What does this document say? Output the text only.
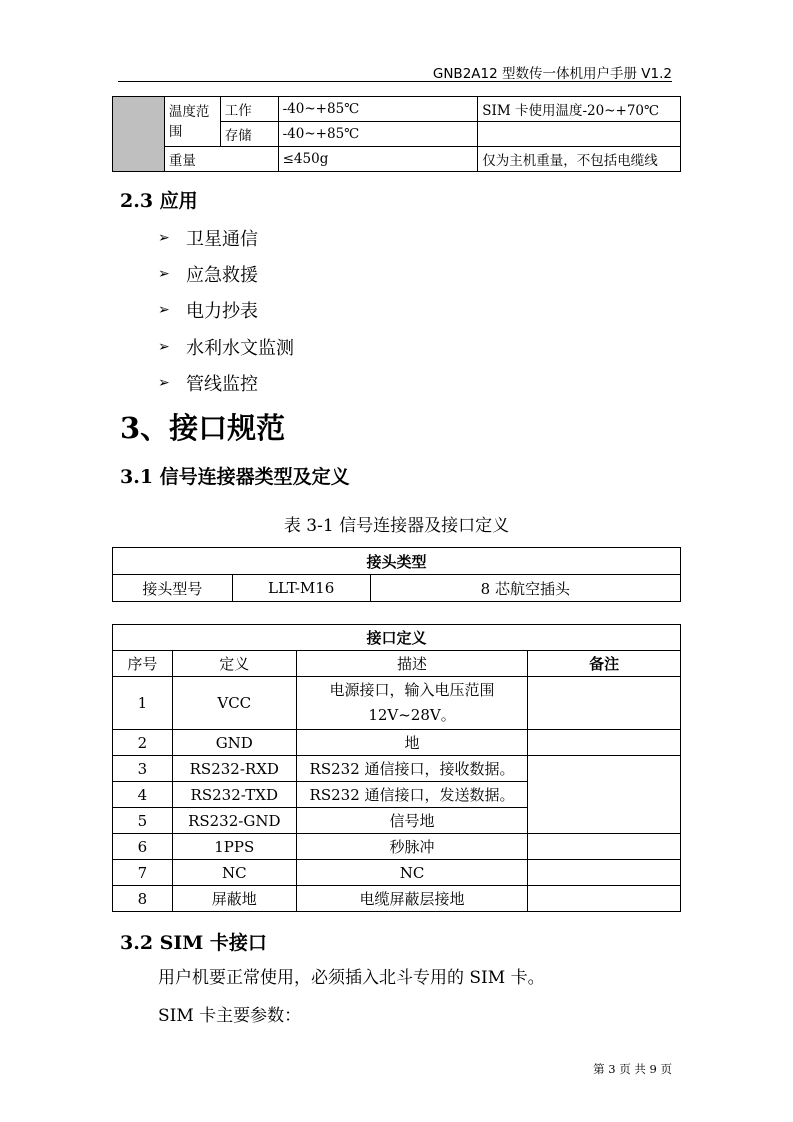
GNB2A12 型数传一体机用户手册 V1.2
	温度范围	工作	-40~+85℃	SIM 卡使用温度-20~+70℃
		存储	-40~+85℃	
	重量		≤450g	仅为主机重量，不包括电缆线
2.3 应用
➢ 卫星通信
➢ 应急救援
➢ 电力抄表
➢ 水利水文监测
➢ 管线监控
3、接口规范
3.1 信号连接器类型及定义
表 3-1 信号连接器及接口定义
接头类型
接头型号	LLT-M16	8 芯航空插头
接口定义			
序号	定义	描述	备注
1	VCC	电源接口，输入电压范围12V~28V。	
2	GND	地	
3	RS232-RXD	RS232 通信接口，接收数据。	
4	RS232-TXD	RS232 通信接口，发送数据。	
5	RS232-GND	信号地	
6	1PPS	秒脉冲	
7	NC	NC	
8	屏蔽地	电缆屏蔽层接地	
3.2 SIM 卡接口
用户机要正常使用，必须插入北斗专用的 SIM 卡。
SIM 卡主要参数：
第 3 页 共 9 页
